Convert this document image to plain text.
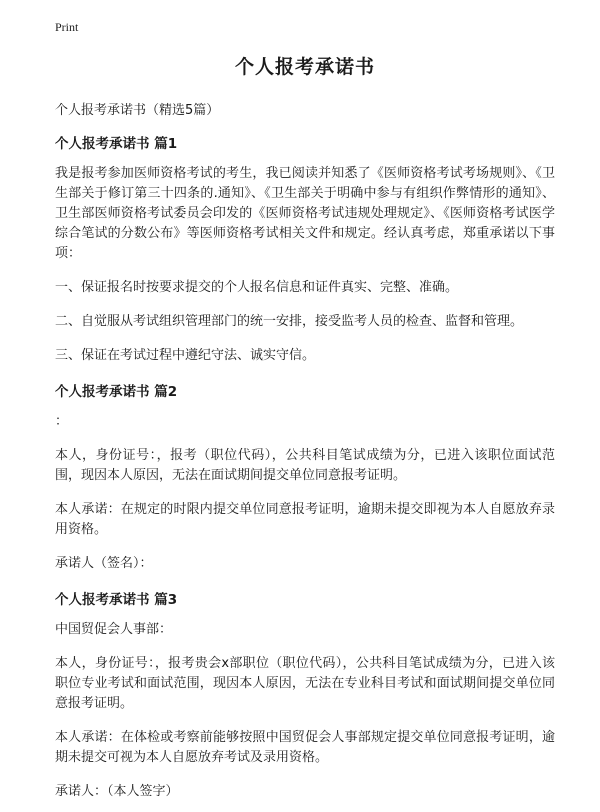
Print
个人报考承诺书
个人报考承诺书（精选5篇）
个人报考承诺书 篇1

我是报考参加医师资格考试的考生，我已阅读并知悉了《医师资格考试考场规则》、《卫生部关于修订第三十四条的.通知》、《卫生部关于明确中参与有组织作弊情形的通知》、卫生部医师资格考试委员会印发的《医师资格考试违规处理规定》、《医师资格考试医学综合笔试的分数公布》等医师资格考试相关文件和规定。经认真考虑，郑重承诺以下事项：

一、保证报名时按要求提交的个人报名信息和证件真实、完整、准确。

二、自觉服从考试组织管理部门的统一安排，接受监考人员的检查、监督和管理。

三、保证在考试过程中遵纪守法、诚实守信。

个人报考承诺书 篇2

：

本人，身份证号：，报考（职位代码），公共科目笔试成绩为分，已进入该职位面试范围，现因本人原因，无法在面试期间提交单位同意报考证明。

本人承诺：在规定的时限内提交单位同意报考证明，逾期未提交即视为本人自愿放弃录用资格。

承诺人（签名）：

个人报考承诺书 篇3

中国贸促会人事部：

本人，身份证号：，报考贵会x部职位（职位代码），公共科目笔试成绩为分，已进入该职位专业考试和面试范围，现因本人原因，无法在专业科目考试和面试期间提交单位同意报考证明。

本人承诺：在体检或考察前能够按照中国贸促会人事部规定提交单位同意报考证明，逾期未提交可视为本人自愿放弃考试及录用资格。

承诺人：（本人签字）
